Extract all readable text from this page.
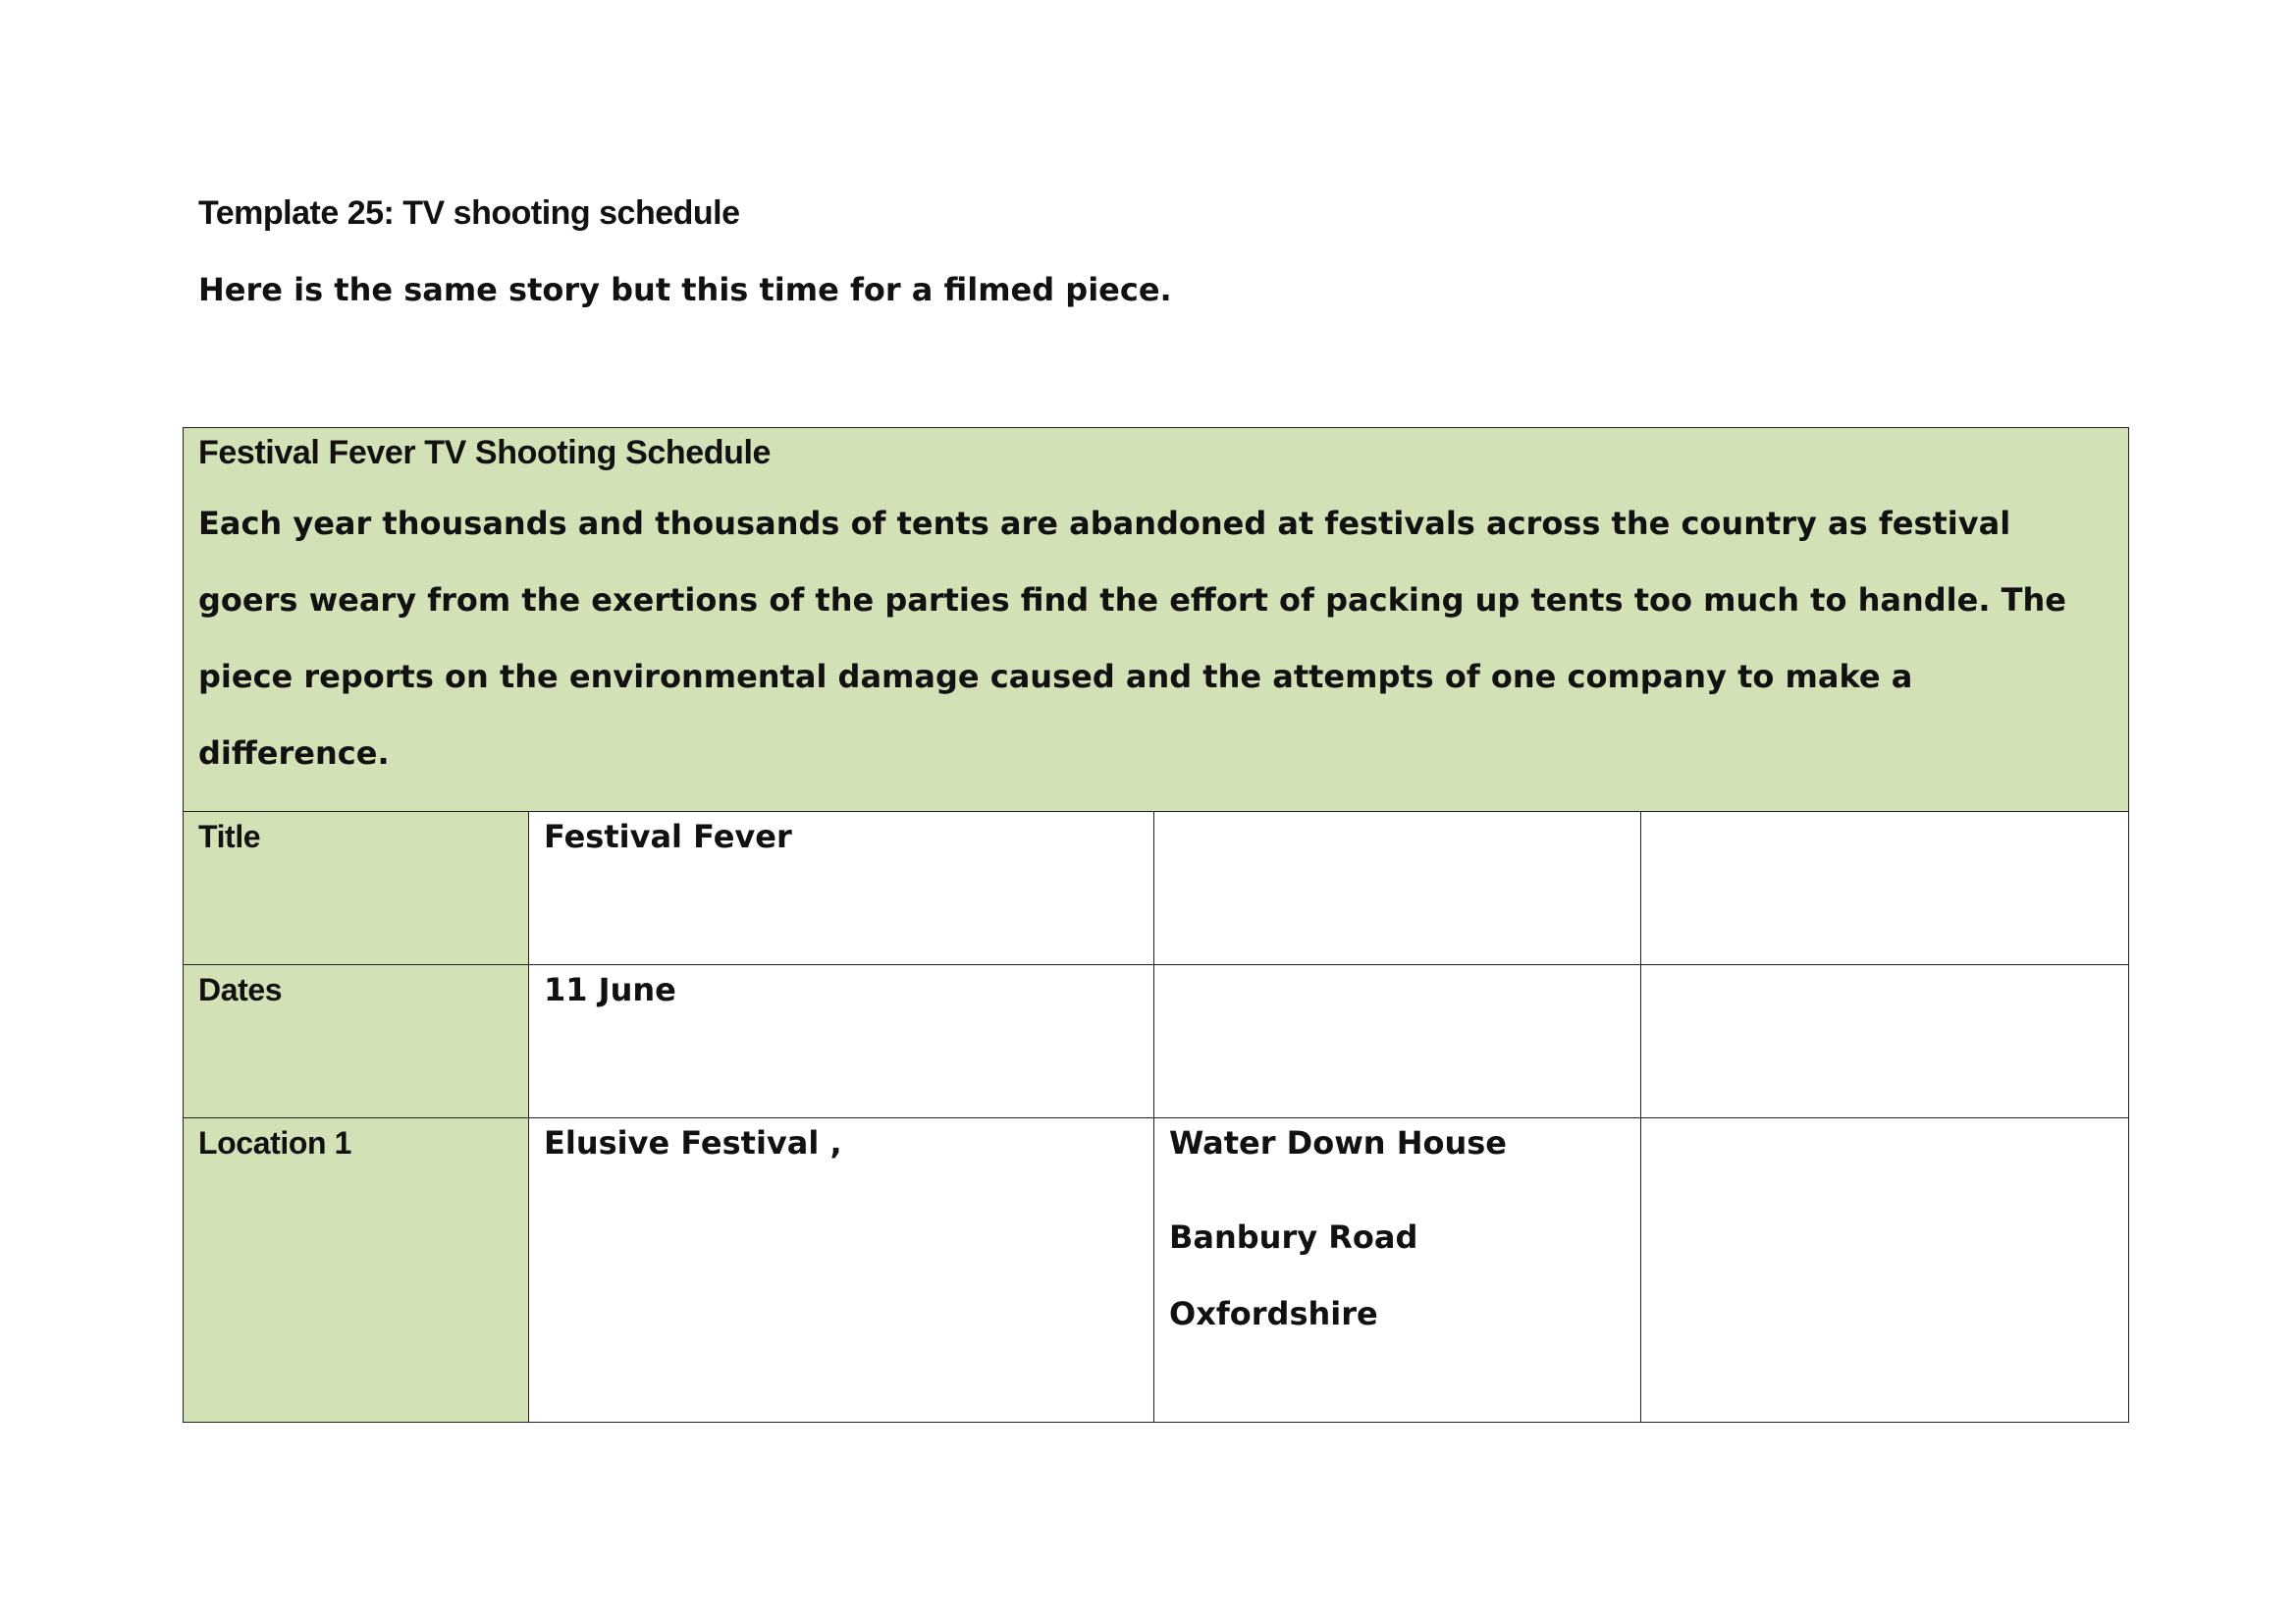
Template 25: TV shooting schedule

Here is the same story but this time for a filmed piece.

Festival Fever TV Shooting Schedule

Each year thousands and thousands of tents are abandoned at festivals across the country as festival goers weary from the exertions of the parties find the effort of packing up tents too much to handle. The piece reports on the environmental damage caused and the attempts of one company to make a difference.			

Title	Festival Fever		
Dates	11 June		
Location 1	Elusive Festival ,	Water Down House
Banbury Road
Oxfordshire	
